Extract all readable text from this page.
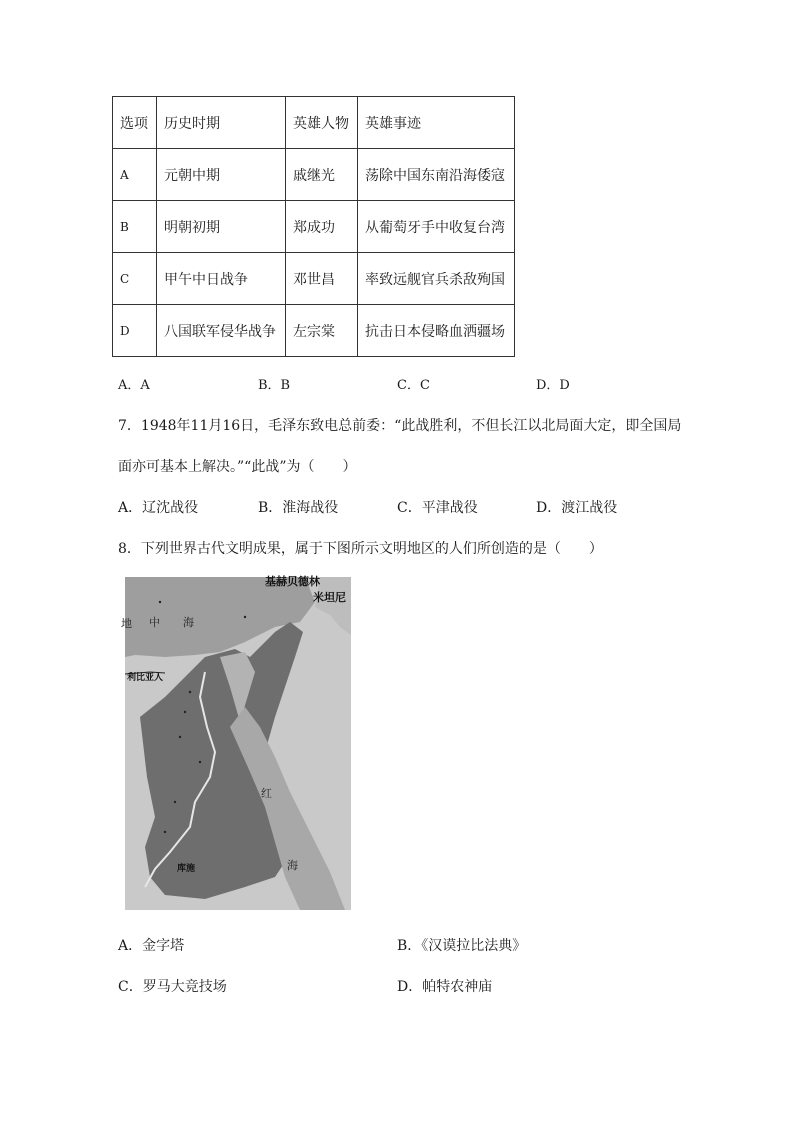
选项	历史时期	英雄人物	英雄事迹
A	元朝中期	戚继光	荡除中国东南沿海倭寇
B	明朝初期	郑成功	从葡萄牙手中收复台湾
C	甲午中日战争	邓世昌	率致远舰官兵杀敌殉国
D	八国联军侵华战争	左宗棠	抗击日本侵略血洒疆场
A．A	B．B	C．C	D．D
7．1948年11月16日，毛泽东致电总前委：“此战胜利，不但长江以北局面大定，即全国局
面亦可基本上解决。”“此战”为（　　）
A．辽沈战役	B．淮海战役	C．平津战役	D．渡江战役
8．下列世界古代文明成果，属于下图所示文明地区的人们所创造的是（　　）
基赫贝德林
米坦尼
地 中 海
利比亚人
红
海
库施
A．金字塔	B．《汉谟拉比法典》
C．罗马大竞技场	D．帕特农神庙
